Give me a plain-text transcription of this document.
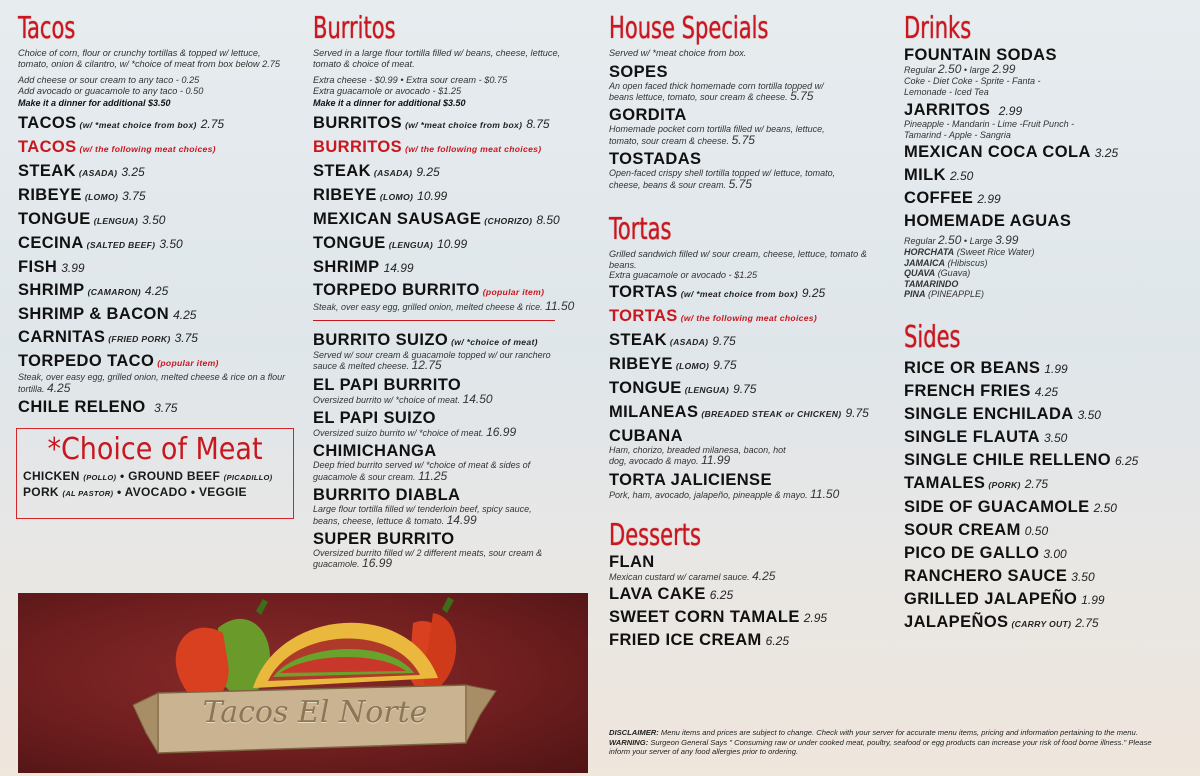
Tacos

Choice of corn, flour or crunchy tortillas & topped w/ lettuce, tomato, onion & cilantro, w/ *choice of meat from box below 2.75

Add cheese or sour cream to any taco - 0.25

Add avocado or guacamole to any taco - 0.50

Make it a dinner for additional $3.50

TACOS (w/ *meat choice from box) 2.75

TACOS (w/ the following meat choices)

STEAK (ASADA) 3.25

RIBEYE (LOMO) 3.75

TONGUE (LENGUA) 3.50

CECINA (SALTED BEEF) 3.50

FISH 3.99

SHRIMP (CAMARON) 4.25

SHRIMP & BACON 4.25

CARNITAS (FRIED PORK) 3.75

TORPEDO TACO (popular item)

Steak, over easy egg, grilled onion, melted cheese & rice on a flour tortilla. 4.25

CHILE RELENO 3.75

*Choice of Meat

CHICKEN (POLLO) • GROUND BEEF (PICADILLO)

PORK (AL PASTOR) • AVOCADO • VEGGIE

Tacos El Norte
Burritos

Served in a large flour tortilla filled w/ beans, cheese, lettuce, tomato & choice of meat.

Extra cheese - $0.99 • Extra sour cream - $0.75

Extra guacamole or avocado - $1.25

Make it a dinner for additional $3.50

BURRITOS (w/ *meat choice from box) 8.75

BURRITOS (w/ the following meat choices)

STEAK (ASADA) 9.25

RIBEYE (LOMO) 10.99

MEXICAN SAUSAGE (CHORIZO) 8.50

TONGUE (LENGUA) 10.99

SHRIMP 14.99

TORPEDO BURRITO (popular item)

Steak, over easy egg, grilled onion, melted cheese & rice. 11.50

BURRITO SUIZO (w/ *choice of meat)

Served w/ sour cream & guacamole topped w/ our ranchero sauce & melted cheese. 12.75

EL PAPI BURRITO

Oversized burrito w/ *choice of meat. 14.50

EL PAPI SUIZO

Oversized suizo burrito w/ *choice of meat. 16.99

CHIMICHANGA

Deep fried burrito served w/ *choice of meat & sides of guacamole & sour cream. 11.25

BURRITO DIABLA

Large flour tortilla filled w/ tenderloin beef, spicy sauce, beans, cheese, lettuce & tomato. 14.99

SUPER BURRITO

Oversized burrito filled w/ 2 different meats, sour cream & guacamole. 16.99

House Specials

Served w/ *meat choice from box.

SOPES

An open faced thick homemade corn tortilla topped w/ beans lettuce, tomato, sour cream & cheese. 5.75

GORDITA

Homemade pocket corn tortilla filled w/ beans, lettuce, tomato, sour cream & cheese. 5.75

TOSTADAS

Open-faced crispy shell tortilla topped w/ lettuce, tomato, cheese, beans & sour cream. 5.75

Tortas

Grilled sandwich filled w/ sour cream, cheese, lettuce, tomato & beans.

Extra guacamole or avocado - $1.25

TORTAS (w/ *meat choice from box) 9.25

TORTAS (w/ the following meat choices)

STEAK (ASADA) 9.75

RIBEYE (LOMO) 9.75

TONGUE (LENGUA) 9.75

MILANEAS (BREADED STEAK or CHICKEN) 9.75

CUBANA

Ham, chorizo, breaded milanesa, bacon, hot dog, avocado & mayo. 11.99

TORTA JALICIENSE

Pork, ham, avocado, jalapeño, pineapple & mayo. 11.50

Desserts

FLAN

Mexican custard w/ caramel sauce. 4.25

LAVA CAKE 6.25

SWEET CORN TAMALE 2.95

FRIED ICE CREAM 6.25

Drinks

FOUNTAIN SODAS

Regular 2.50 • large 2.99

Coke - Diet Coke - Sprite - Fanta - Lemonade - Iced Tea

JARRITOS 2.99

Pineapple - Mandarin - Lime -Fruit Punch - Tamarind - Apple - Sangria

MEXICAN COCA COLA 3.25

MILK 2.50

COFFEE 2.99

HOMEMADE AGUAS

Regular 2.50 • Large 3.99

HORCHATA (Sweet Rice Water)

JAMAICA (Hibiscus)

QUAVA (Guava)

TAMARINDO

PINA (PINEAPPLE)

Sides

RICE OR BEANS 1.99

FRENCH FRIES 4.25

SINGLE ENCHILADA 3.50

SINGLE FLAUTA 3.50

SINGLE CHILE RELLENO 6.25

TAMALES (PORK) 2.75

SIDE OF GUACAMOLE 2.50

SOUR CREAM 0.50

PICO DE GALLO 3.00

RANCHERO SAUCE 3.50

GRILLED JALAPEÑO 1.99

JALAPEÑOS (CARRY OUT) 2.75

DISCLAIMER: Menu items and prices are subject to change. Check with your server for accurate menu items, pricing and information pertaining to the menu.
WARNING: Surgeon General Says " Consuming raw or under cooked meat, poultry, seafood or egg products can increase your risk of food borne illness." Please inform your server of any food allergies prior to ordering.
